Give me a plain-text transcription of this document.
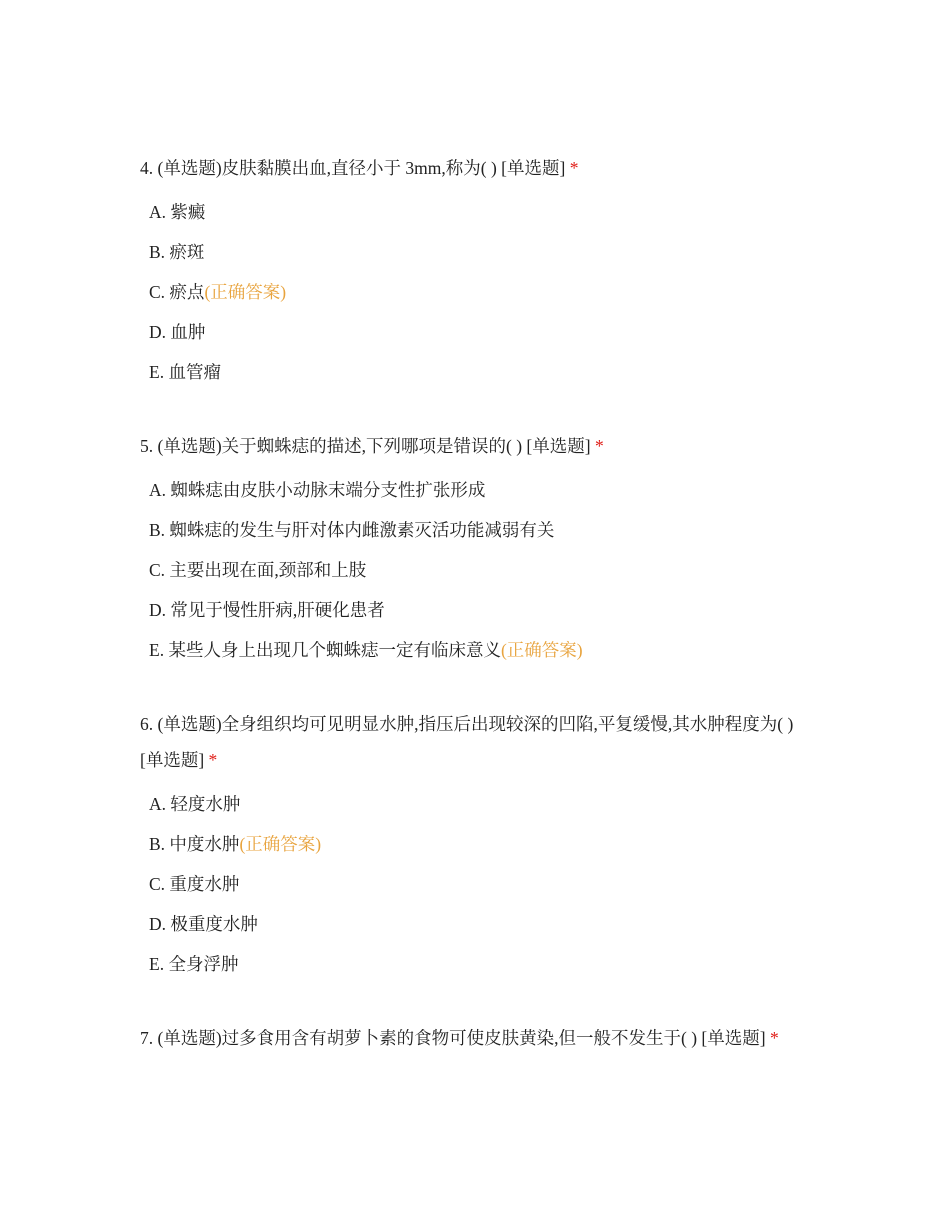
4. (单选题)皮肤黏膜出血,直径小于 3mm,称为( ) [单选题] *
A. 紫癜
B. 瘀斑
C. 瘀点(正确答案)
D. 血肿
E. 血管瘤
5. (单选题)关于蜘蛛痣的描述,下列哪项是错误的( ) [单选题] *
A. 蜘蛛痣由皮肤小动脉末端分支性扩张形成
B. 蜘蛛痣的发生与肝对体内雌激素灭活功能减弱有关
C. 主要出现在面,颈部和上肢
D. 常见于慢性肝病,肝硬化患者
E. 某些人身上出现几个蜘蛛痣一定有临床意义(正确答案)
6. (单选题)全身组织均可见明显水肿,指压后出现较深的凹陷,平复缓慢,其水肿程度为( ) [单选题] *
A. 轻度水肿
B. 中度水肿(正确答案)
C. 重度水肿
D. 极重度水肿
E. 全身浮肿
7. (单选题)过多食用含有胡萝卜素的食物可使皮肤黄染,但一般不发生于( ) [单选题] *
